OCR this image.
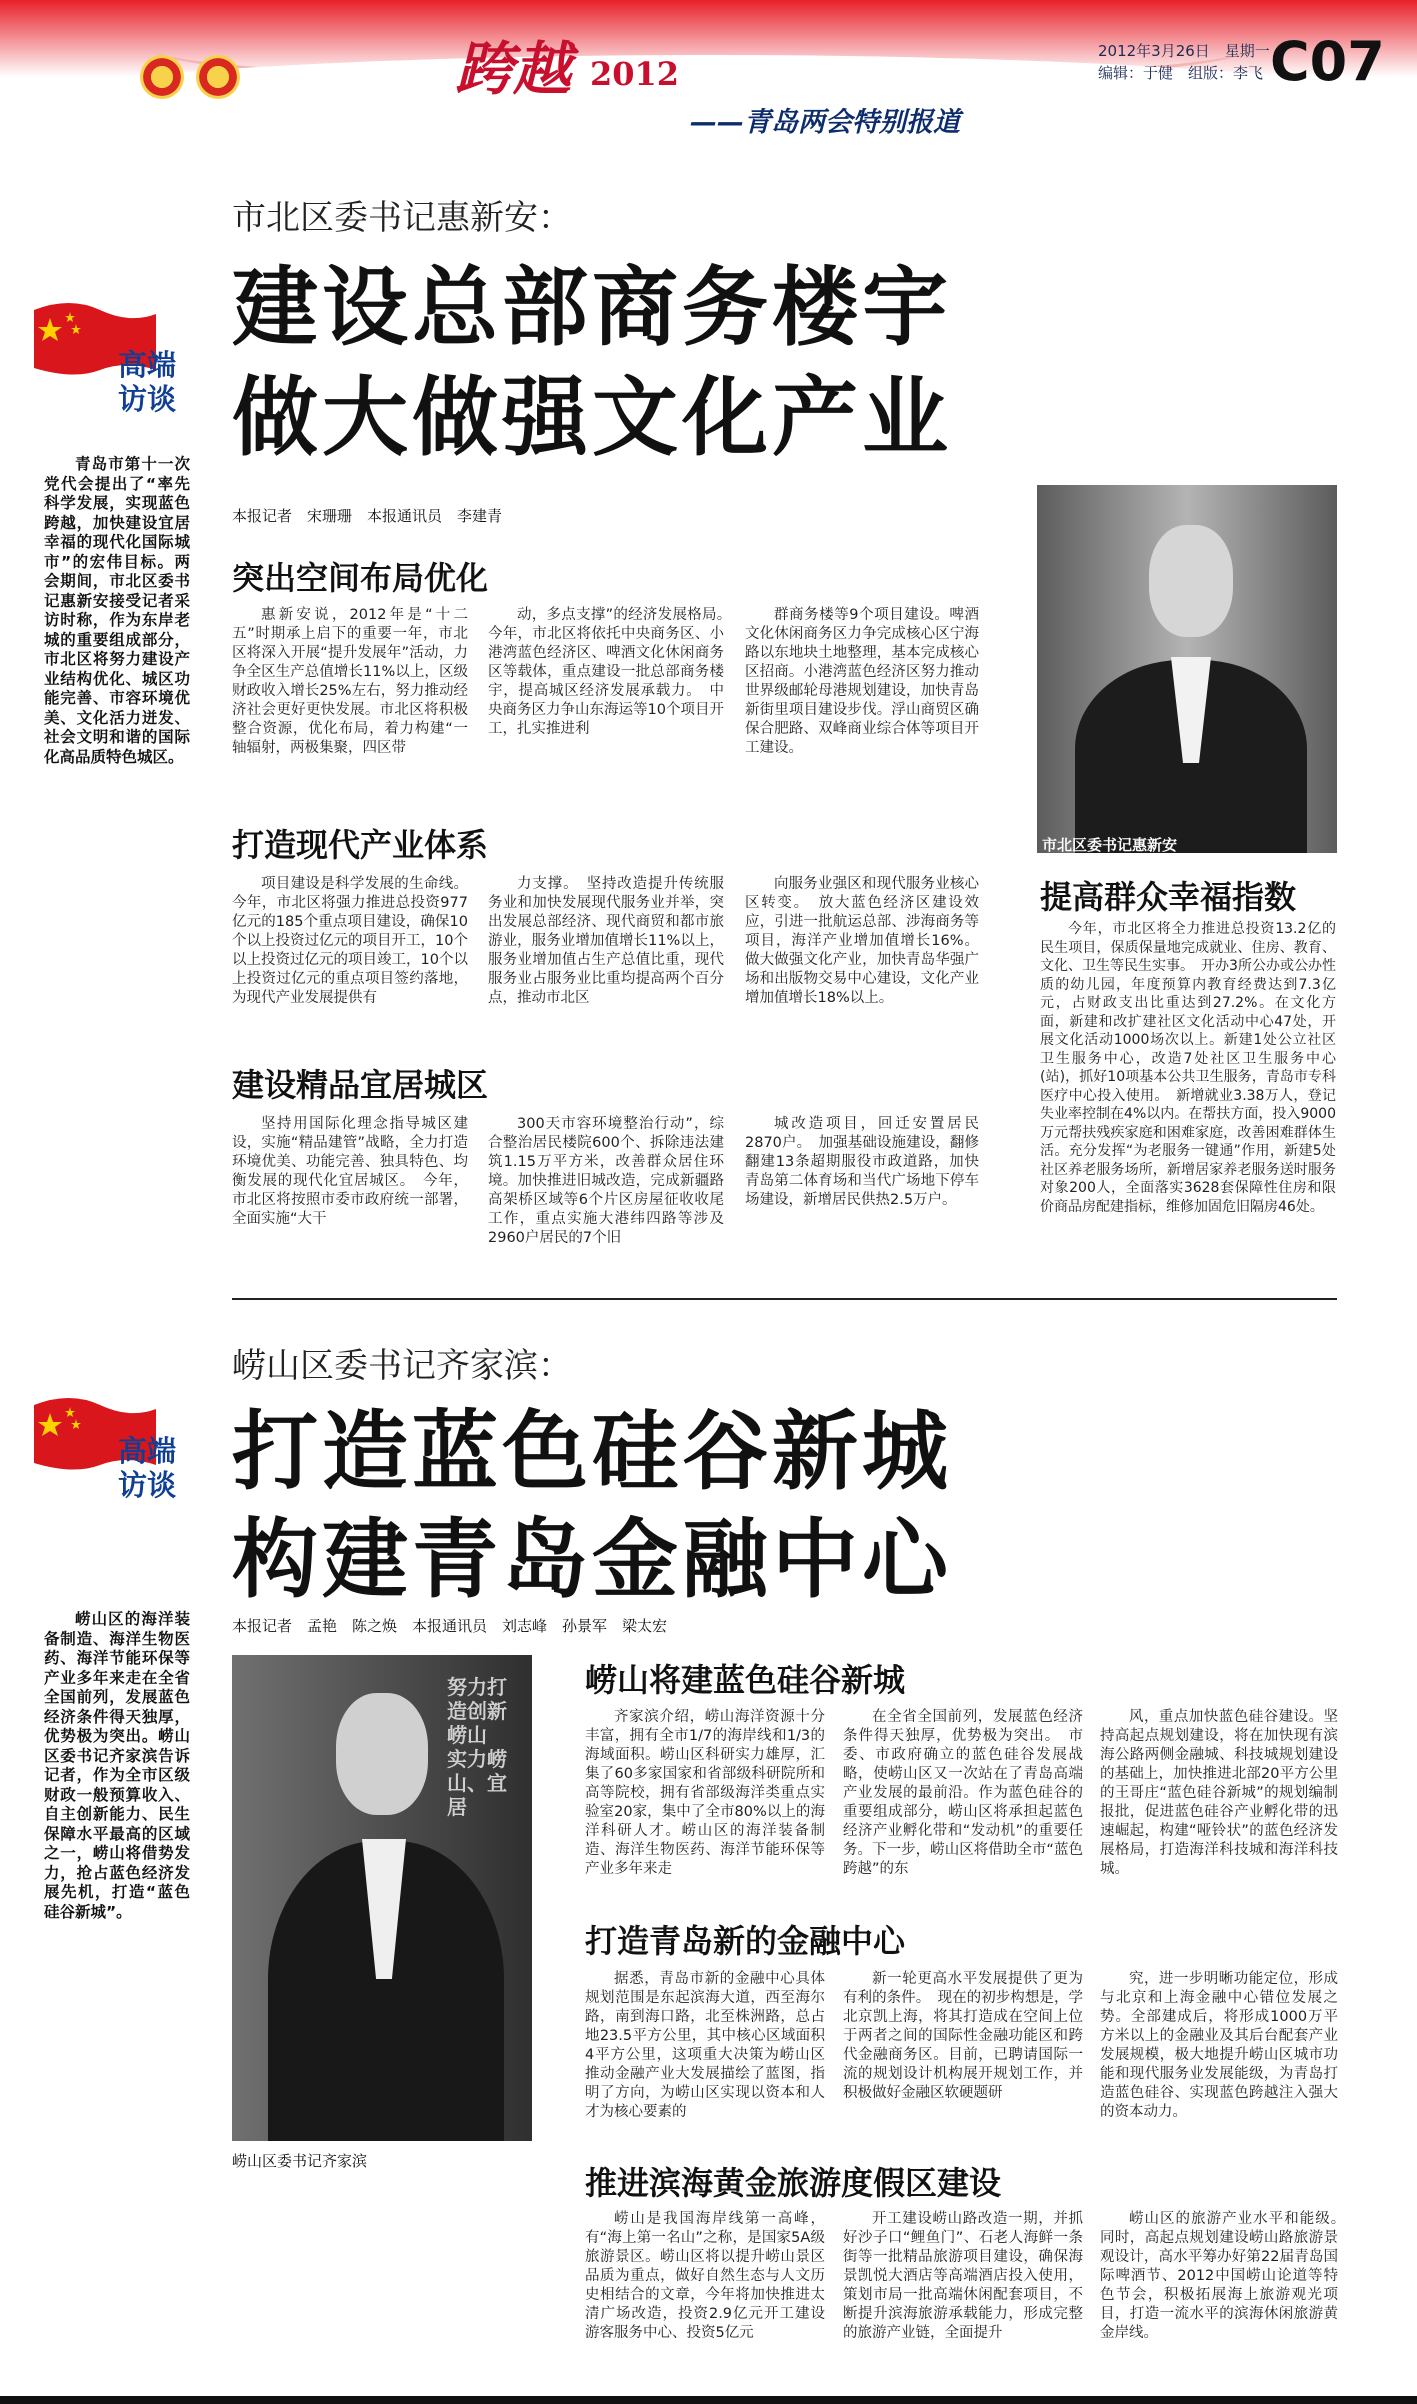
跨越 2012
——青岛两会特别报道
2012年3月26日　星期一
编辑：于健　组版：李飞 C07
市北区委书记惠新安：
建设总部商务楼宇
做大做强文化产业
高端访谈
青岛市第十一次党代会提出了“率先科学发展，实现蓝色跨越，加快建设宜居幸福的现代化国际城市”的宏伟目标。两会期间，市北区委书记惠新安接受记者采访时称，作为东岸老城的重要组成部分，市北区将努力建设产业结构优化、城区功能完善、市容环境优美、文化活力迸发、社会文明和谐的国际化高品质特色城区。
本报记者　宋珊珊　本报通讯员　李建青
市北区委书记惠新安
突出空间布局优化
惠新安说，2012年是“十二五”时期承上启下的重要一年，市北区将深入开展“提升发展年”活动，力争全区生产总值增长11%以上，区级财政收入增长25%左右，努力推动经济社会更好更快发展。市北区将积极整合资源，优化布局，着力构建“一轴辐射，两极集聚，四区带
动，多点支撑”的经济发展格局。　今年，市北区将依托中央商务区、小港湾蓝色经济区、啤酒文化休闲商务区等载体，重点建设一批总部商务楼宇，提高城区经济发展承载力。　中央商务区力争山东海运等10个项目开工，扎实推进利
群商务楼等9个项目建设。啤酒文化休闲商务区力争完成核心区宁海路以东地块土地整理，基本完成核心区招商。小港湾蓝色经济区努力推动世界级邮轮母港规划建设，加快青岛新街里项目建设步伐。浮山商贸区确保合肥路、双峰商业综合体等项目开工建设。
打造现代产业体系
项目建设是科学发展的生命线。今年，市北区将强力推进总投资977亿元的185个重点项目建设，确保10个以上投资过亿元的项目开工，10个以上投资过亿元的项目竣工，10个以上投资过亿元的重点项目签约落地，为现代产业发展提供有
力支撑。　坚持改造提升传统服务业和加快发展现代服务业并举，突出发展总部经济、现代商贸和都市旅游业，服务业增加值增长11%以上，服务业增加值占生产总值比重，现代服务业占服务业比重均提高两个百分点，推动市北区
向服务业强区和现代服务业核心区转变。　放大蓝色经济区建设效应，引进一批航运总部、涉海商务等项目，海洋产业增加值增长16%。做大做强文化产业，加快青岛华强广场和出版物交易中心建设，文化产业增加值增长18%以上。
建设精品宜居城区
坚持用国际化理念指导城区建设，实施“精品建管”战略，全力打造环境优美、功能完善、独具特色、均衡发展的现代化宜居城区。　今年，市北区将按照市委市政府统一部署，全面实施“大干
300天市容环境整治行动”，综合整治居民楼院600个、拆除违法建筑1.15万平方米，改善群众居住环境。加快推进旧城改造，完成新疆路高架桥区域等6个片区房屋征收收尾工作，重点实施大港纬四路等涉及2960户居民的7个旧
城改造项目，回迁安置居民2870户。　加强基础设施建设，翻修翻建13条超期服役市政道路，加快青岛第二体育场和当代广场地下停车场建设，新增居民供热2.5万户。
提高群众幸福指数
今年，市北区将全力推进总投资13.2亿的民生项目，保质保量地完成就业、住房、教育、文化、卫生等民生实事。　开办3所公办或公办性质的幼儿园，年度预算内教育经费达到7.3亿元，占财政支出比重达到27.2%。在文化方面，新建和改扩建社区文化活动中心47处，开展文化活动1000场次以上。新建1处公立社区卫生服务中心，改造7处社区卫生服务中心(站)，抓好10项基本公共卫生服务，青岛市专科医疗中心投入使用。　新增就业3.38万人，登记失业率控制在4%以内。在帮扶方面，投入9000万元帮扶残疾家庭和困难家庭，改善困难群体生活。充分发挥“为老服务一键通”作用，新建5处社区养老服务场所，新增居家养老服务送时服务对象200人，全面落实3628套保障性住房和限价商品房配建指标，维修加固危旧隔房46处。
崂山区委书记齐家滨：
打造蓝色硅谷新城
构建青岛金融中心
高端访谈
崂山区的海洋装备制造、海洋生物医药、海洋节能环保等产业多年来走在全省全国前列，发展蓝色经济条件得天独厚，优势极为突出。崂山区委书记齐家滨告诉记者，作为全市区级财政一般预算收入、自主创新能力、民生保障水平最高的区域之一，崂山将借势发力，抢占蓝色经济发展先机，打造“蓝色硅谷新城”。
本报记者　孟艳　陈之焕　本报通讯员　刘志峰　孙景军　梁太宏
努力打造创新崂山 实力崂山、宜居
崂山区委书记齐家滨
崂山将建蓝色硅谷新城
齐家滨介绍，崂山海洋资源十分丰富，拥有全市1/7的海岸线和1/3的海域面积。崂山区科研实力雄厚，汇集了60多家国家和省部级科研院所和高等院校，拥有省部级海洋类重点实验室20家，集中了全市80%以上的海洋科研人才。崂山区的海洋装备制造、海洋生物医药、海洋节能环保等产业多年来走
在全省全国前列，发展蓝色经济条件得天独厚，优势极为突出。　市委、市政府确立的蓝色硅谷发展战略，使崂山区又一次站在了青岛高端产业发展的最前沿。作为蓝色硅谷的重要组成部分，崂山区将承担起蓝色经济产业孵化带和“发动机”的重要任务。下一步，崂山区将借助全市“蓝色跨越”的东
风，重点加快蓝色硅谷建设。坚持高起点规划建设，将在加快现有滨海公路两侧金融城、科技城规划建设的基础上，加快推进北部20平方公里的王哥庄“蓝色硅谷新城”的规划编制报批，促进蓝色硅谷产业孵化带的迅速崛起，构建“哑铃状”的蓝色经济发展格局，打造海洋科技城和海洋科技城。
打造青岛新的金融中心
据悉，青岛市新的金融中心具体规划范围是东起滨海大道，西至海尔路，南到海口路，北至株洲路，总占地23.5平方公里，其中核心区域面积4平方公里，这项重大决策为崂山区推动金融产业大发展描绘了蓝图，指明了方向，为崂山区实现以资本和人才为核心要素的
新一轮更高水平发展提供了更为有利的条件。　现在的初步构想是，学北京凯上海，将其打造成在空间上位于两者之间的国际性金融功能区和跨代金融商务区。目前，已聘请国际一流的规划设计机构展开规划工作，并积极做好金融区软硬题研
究，进一步明晰功能定位，形成与北京和上海金融中心错位发展之势。全部建成后，将形成1000万平方米以上的金融业及其后台配套产业发展规模，极大地提升崂山区城市功能和现代服务业发展能级，为青岛打造蓝色硅谷、实现蓝色跨越注入强大的资本动力。
推进滨海黄金旅游度假区建设
崂山是我国海岸线第一高峰，有“海上第一名山”之称，是国家5A级旅游景区。崂山区将以提升崂山景区品质为重点，做好自然生态与人文历史相结合的文章，今年将加快推进太清广场改造，投资2.9亿元开工建设游客服务中心、投资5亿元
开工建设崂山路改造一期，并抓好沙子口“鲤鱼门”、石老人海鲜一条街等一批精品旅游项目建设，确保海景凯悦大酒店等高端酒店投入使用，策划市局一批高端休闲配套项目，不断提升滨海旅游承载能力，形成完整的旅游产业链，全面提升
崂山区的旅游产业水平和能级。　同时，高起点规划建设崂山路旅游景观设计，高水平筹办好第22届青岛国际啤酒节、2012中国崂山论道等特色节会，积极拓展海上旅游观光项目，打造一流水平的滨海休闲旅游黄金岸线。
